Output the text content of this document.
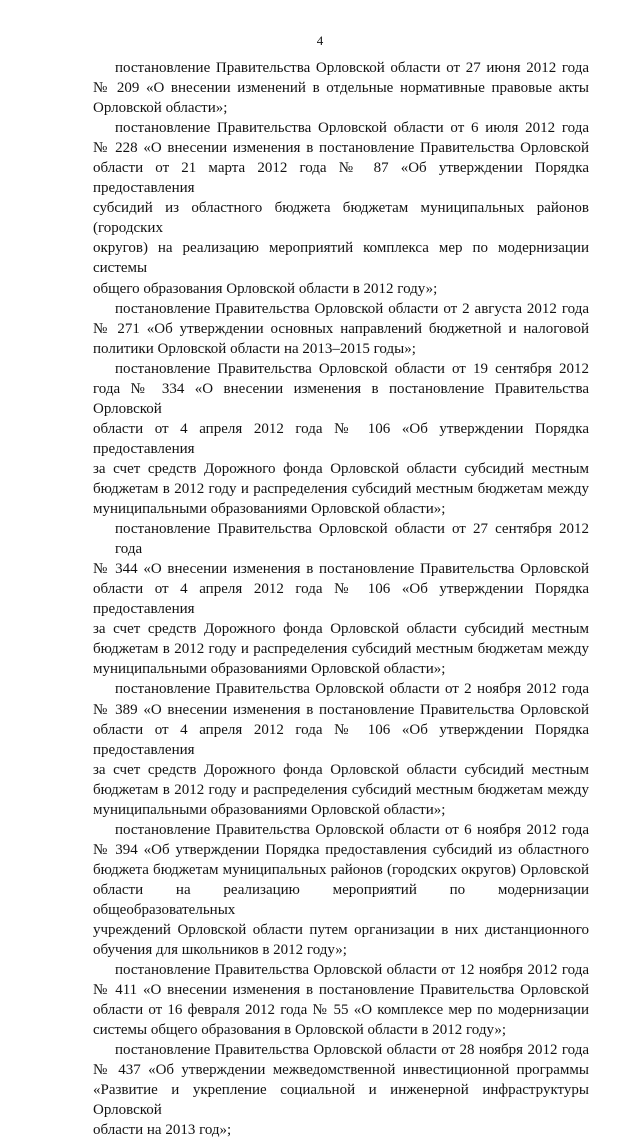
4

постановление Правительства Орловской области от 27 июня 2012 года
№ 209 «О внесении изменений в отдельные нормативные правовые акты
Орловской области»;

постановление Правительства Орловской области от 6 июля 2012 года
№ 228 «О внесении изменения в постановление Правительства Орловской
области от 21 марта 2012 года № 87 «Об утверждении Порядка предоставления
субсидий из областного бюджета бюджетам муниципальных районов (городских
округов) на реализацию мероприятий комплекса мер по модернизации системы
общего образования Орловской области в 2012 году»;

постановление Правительства Орловской области от 2 августа 2012 года
№ 271 «Об утверждении основных направлений бюджетной и налоговой
политики Орловской области на 2013–2015 годы»;

постановление Правительства Орловской области от 19 сентября 2012
года № 334 «О внесении изменения в постановление Правительства Орловской
области от 4 апреля 2012 года № 106 «Об утверждении Порядка предоставления
за счет средств Дорожного фонда Орловской области субсидий местным
бюджетам в 2012 году и распределения субсидий местным бюджетам между
муниципальными образованиями Орловской области»;

постановление Правительства Орловской области от 27 сентября 2012 года
№ 344 «О внесении изменения в постановление Правительства Орловской
области от 4 апреля 2012 года № 106 «Об утверждении Порядка предоставления
за счет средств Дорожного фонда Орловской области субсидий местным
бюджетам в 2012 году и распределения субсидий местным бюджетам между
муниципальными образованиями Орловской области»;

постановление Правительства Орловской области от 2 ноября 2012 года
№ 389 «О внесении изменения в постановление Правительства Орловской
области от 4 апреля 2012 года № 106 «Об утверждении Порядка предоставления
за счет средств Дорожного фонда Орловской области субсидий местным
бюджетам в 2012 году и распределения субсидий местным бюджетам между
муниципальными образованиями Орловской области»;

постановление Правительства Орловской области от 6 ноября 2012 года
№ 394 «Об утверждении Порядка предоставления субсидий из областного
бюджета бюджетам муниципальных районов (городских округов) Орловской
области на реализацию мероприятий по модернизации общеобразовательных
учреждений Орловской области путем организации в них дистанционного
обучения для школьников в 2012 году»;

постановление Правительства Орловской области от 12 ноября 2012 года
№ 411 «О внесении изменения в постановление Правительства Орловской
области от 16 февраля 2012 года № 55 «О комплексе мер по модернизации
системы общего образования в Орловской области в 2012 году»;

постановление Правительства Орловской области от 28 ноября 2012 года
№ 437 «Об утверждении межведомственной инвестиционной программы
«Развитие и укрепление социальной и инженерной инфраструктуры Орловской
области на 2013 год»;
